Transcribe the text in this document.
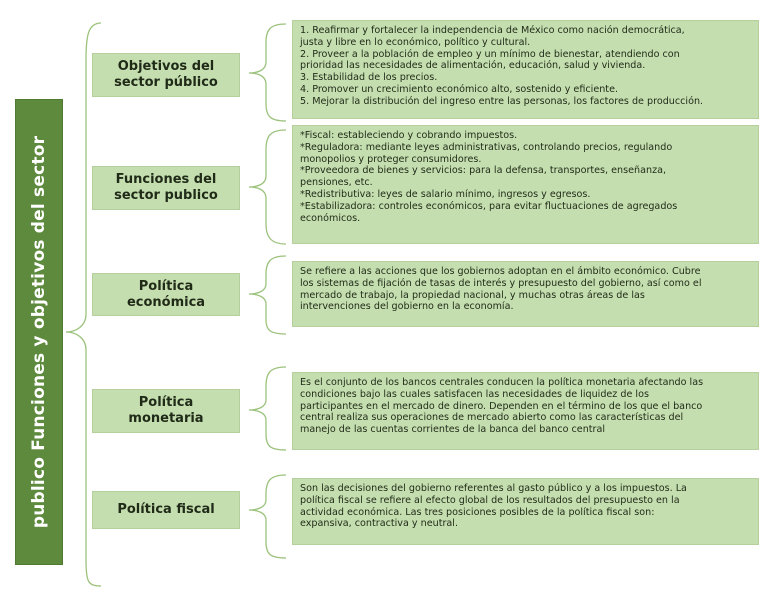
publico Funciones y objetivos del sector
Objetivos del sector público
Funciones del sector publico
Política económica
Política monetaria
Política fiscal
1. Reafirmar y fortalecer la independencia de México como nación democrática,
justa y libre en lo económico, político y cultural.
2. Proveer a la población de empleo y un mínimo de bienestar, atendiendo con
prioridad las necesidades de alimentación, educación, salud y vivienda.
3. Estabilidad de los precios.
4. Promover un crecimiento económico alto, sostenido y eficiente.
5. Mejorar la distribución del ingreso entre las personas, los factores de producción.
*Fiscal: estableciendo y cobrando impuestos.
*Reguladora: mediante leyes administrativas, controlando precios, regulando
monopolios y proteger consumidores.
*Proveedora de bienes y servicios: para la defensa, transportes, enseñanza,
pensiones, etc.
*Redistributiva: leyes de salario mínimo, ingresos y egresos.
*Estabilizadora: controles económicos, para evitar fluctuaciones de agregados
económicos.
Se refiere a las acciones que los gobiernos adoptan en el ámbito económico. Cubre
los sistemas de fijación de tasas de interés y presupuesto del gobierno, así como el
mercado de trabajo, la propiedad nacional, y muchas otras áreas de las
intervenciones del gobierno en la economía.
Es el conjunto de los bancos centrales conducen la política monetaria afectando las
condiciones bajo las cuales satisfacen las necesidades de liquidez de los
participantes en el mercado de dinero. Dependen en el término de los que el banco
central realiza sus operaciones de mercado abierto como las características del
manejo de las cuentas corrientes de la banca del banco central
Son las decisiones del gobierno referentes al gasto público y a los impuestos. La
política fiscal se refiere al efecto global de los resultados del presupuesto en la
actividad económica. Las tres posiciones posibles de la política fiscal son:
expansiva, contractiva y neutral.
